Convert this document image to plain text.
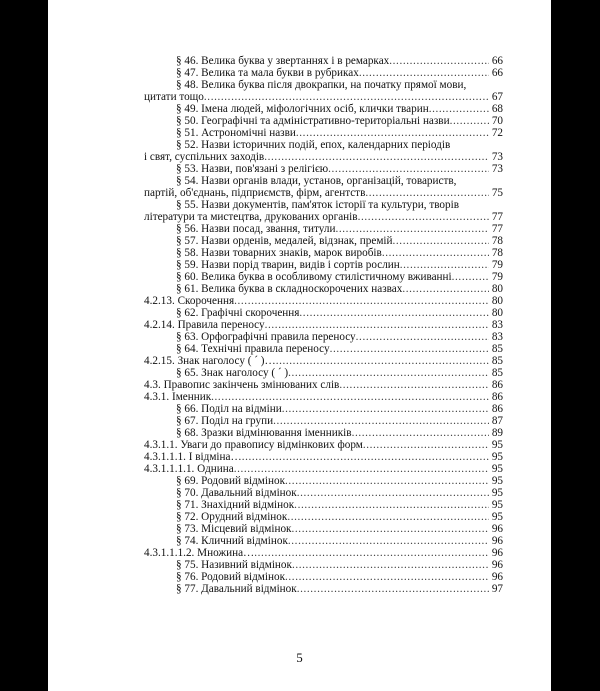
§ 46. Велика буква у звертаннях і в ремарках .....	66
§ 47. Велика та мала букви в рубриках .....	66
§ 48. Велика буква після двокрапки, на початку прямої мови,
цитати тощо .....	67
§ 49. Імена людей, міфологічних осіб, клички тварин .....	68
§ 50. Географічні та адміністративно-територіальні назви .....	70
§ 51. Астрономічні назви .....	72
§ 52. Назви історичних подій, епох, календарних періодів
і свят, суспільних заходів .....	73
§ 53. Назви, пов'язані з релігією .....	73
§ 54. Назви органів влади, установ, організацій, товариств,
партій, об'єднань, підприємств, фірм, агентств .....	75
§ 55. Назви документів, пам'яток історії та культури, творів
літератури та мистецтва, друкованих органів .....	77
§ 56. Назви посад, звання, титули .....	77
§ 57. Назви орденів, медалей, відзнак, премій .....	78
§ 58. Назви товарних знаків, марок виробів .....	78
§ 59. Назви порід тварин, видів і сортів рослин .....	79
§ 60. Велика буква в особливому стилістичному вживанні .....	79
§ 61. Велика буква в складноскорочених назвах .....	80
4.2.13. Скорочення .....	80
§ 62. Графічні скорочення .....	80
4.2.14. Правила переносу .....	83
§ 63. Орфографічні правила переносу .....	83
§ 64. Технічні правила переносу .....	85
4.2.15. Знак наголосу ( ´ )… .....	85
§ 65. Знак наголосу ( ´ ) .....	85
4.3. Правопис закінчень змінюваних слів .....	86
4.3.1. Іменник .....	86
§ 66. Поділ на відміни .....	86
§ 67. Поділ на групи .....	87
§ 68. Зразки відмінювання іменників .....	89
4.3.1.1. Уваги до правопису відмінкових форм .....	95
4.3.1.1.1. І відміна… .....	95
4.3.1.1.1.1. Однина .....	95
§ 69. Родовий відмінок .....	95
§ 70. Давальний відмінок .....	95
§ 71. Знахідний відмінок .....	95
§ 72. Орудний відмінок .....	95
§ 73. Місцевий відмінок .....	96
§ 74. Кличний відмінок .....	96
4.3.1.1.1.2. Множина… .....	96
§ 75. Називний відмінок .....	96
§ 76. Родовий відмінок .....	96
§ 77. Давальний відмінок .....	97
5
